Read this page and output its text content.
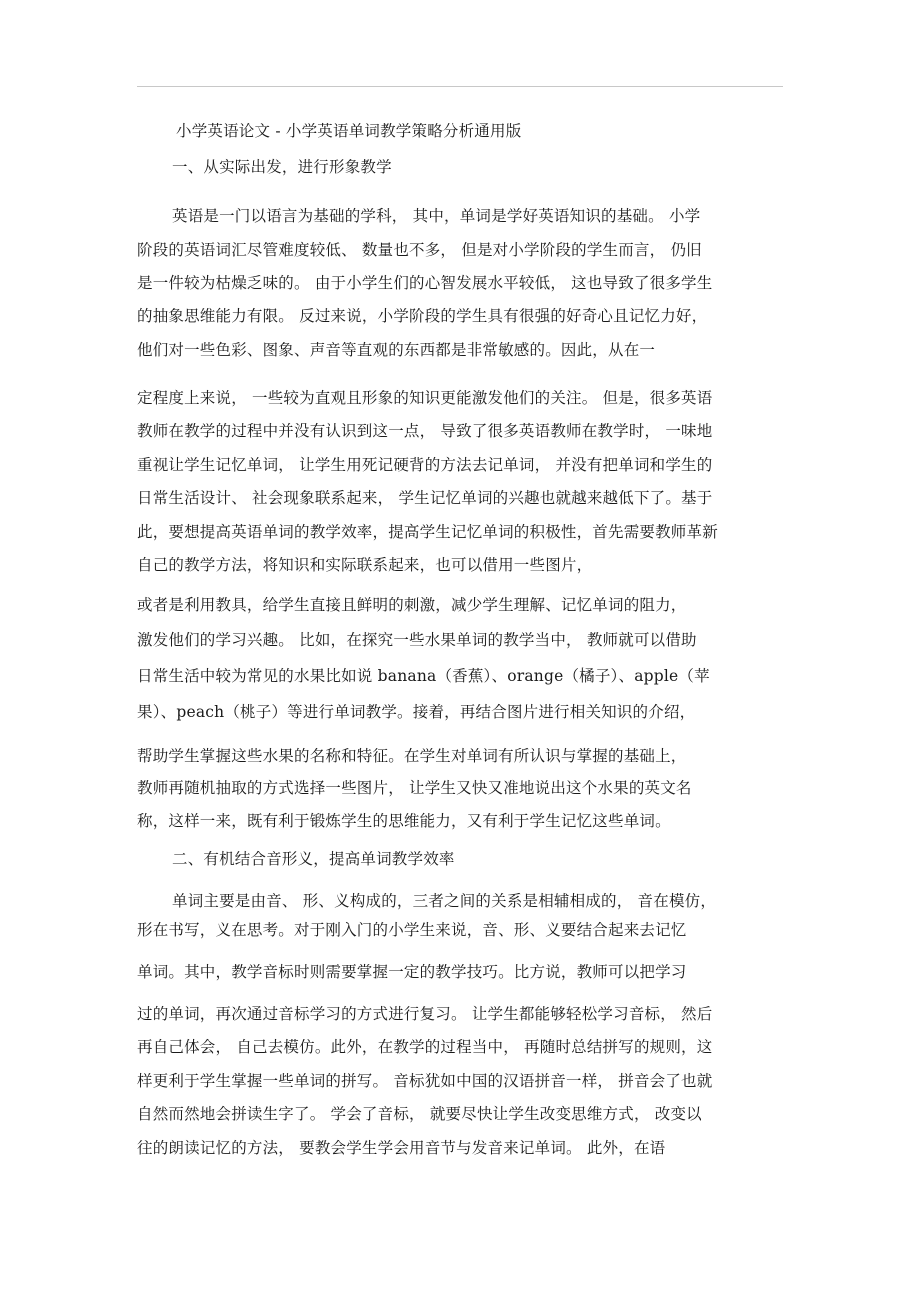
小学英语论文 - 小学英语单词教学策略分析通用版
一、从实际出发，进行形象教学
英语是一门以语言为基础的学科， 其中，单词是学好英语知识的基础。 小学
阶段的英语词汇尽管难度较低、 数量也不多， 但是对小学阶段的学生而言， 仍旧
是一件较为枯燥乏味的。 由于小学生们的心智发展水平较低， 这也导致了很多学生
的抽象思维能力有限。 反过来说，小学阶段的学生具有很强的好奇心且记忆力好，
他们对一些色彩、图象、声音等直观的东西都是非常敏感的。因此，从在一
定程度上来说， 一些较为直观且形象的知识更能激发他们的关注。 但是，很多英语
教师在教学的过程中并没有认识到这一点， 导致了很多英语教师在教学时， 一味地
重视让学生记忆单词， 让学生用死记硬背的方法去记单词， 并没有把单词和学生的
日常生活设计、 社会现象联系起来， 学生记忆单词的兴趣也就越来越低下了。基于
此，要想提高英语单词的教学效率，提高学生记忆单词的积极性，首先需要教师革新
自己的教学方法，将知识和实际联系起来，也可以借用一些图片，
或者是利用教具，给学生直接且鲜明的刺激，减少学生理解、记忆单词的阻力，
激发他们的学习兴趣。 比如，在探究一些水果单词的教学当中， 教师就可以借助
日常生活中较为常见的水果比如说 banana（香蕉）、orange（橘子）、apple（苹
果）、peach（桃子）等进行单词教学。接着，再结合图片进行相关知识的介绍，
帮助学生掌握这些水果的名称和特征。在学生对单词有所认识与掌握的基础上，
教师再随机抽取的方式选择一些图片， 让学生又快又准地说出这个水果的英文名
称，这样一来，既有利于锻炼学生的思维能力，又有利于学生记忆这些单词。
二、有机结合音形义，提高单词教学效率
单词主要是由音、 形、义构成的，三者之间的关系是相辅相成的， 音在模仿，
形在书写，义在思考。对于刚入门的小学生来说，音、形、义要结合起来去记忆
单词。其中，教学音标时则需要掌握一定的教学技巧。比方说，教师可以把学习
过的单词，再次通过音标学习的方式进行复习。 让学生都能够轻松学习音标， 然后
再自己体会， 自己去模仿。此外，在教学的过程当中， 再随时总结拼写的规则，这
样更利于学生掌握一些单词的拼写。 音标犹如中国的汉语拼音一样， 拼音会了也就
自然而然地会拼读生字了。 学会了音标， 就要尽快让学生改变思维方式， 改变以
往的朗读记忆的方法， 要教会学生学会用音节与发音来记单词。 此外，在语
